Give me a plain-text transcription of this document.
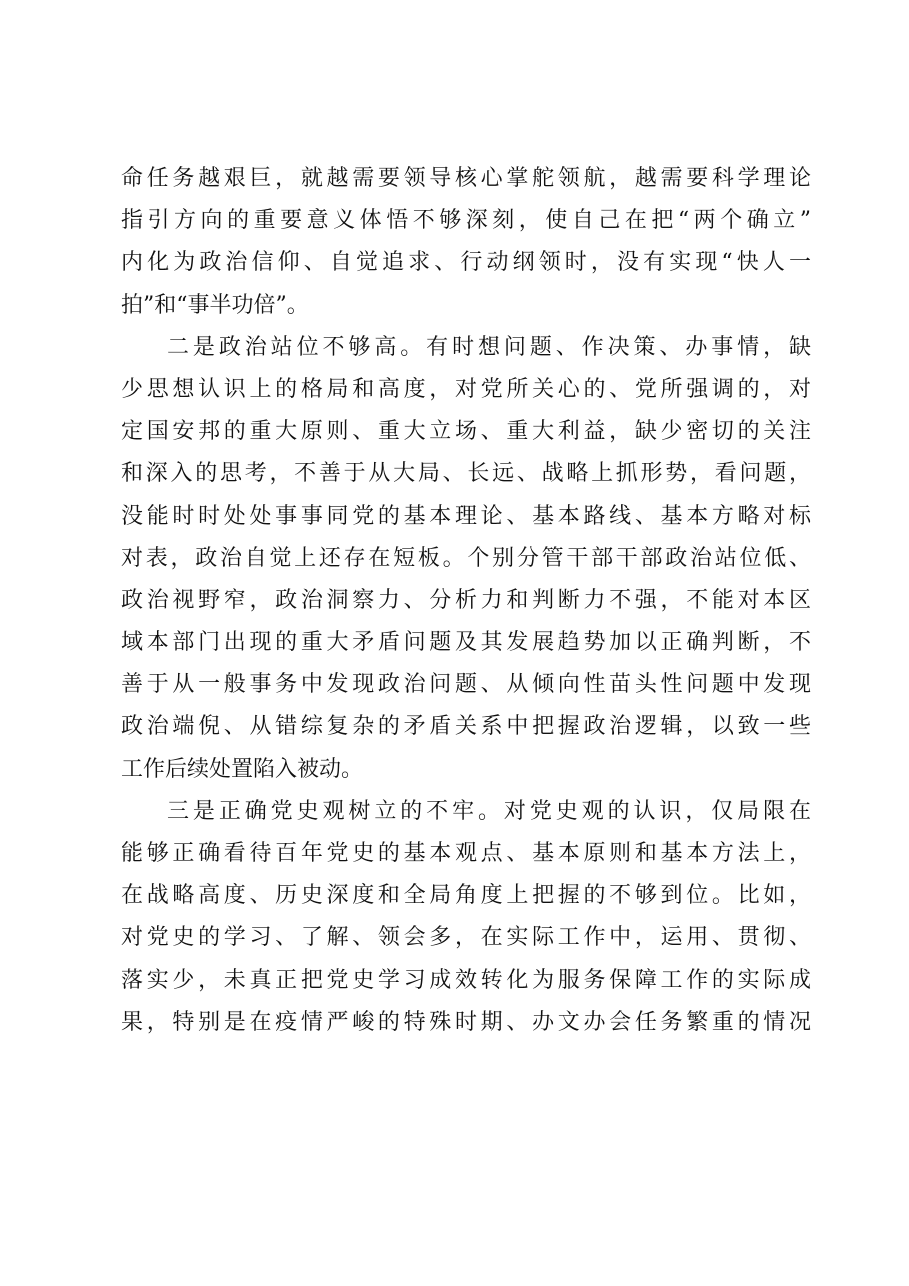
命任务越艰巨，就越需要领导核心掌舵领航，越需要科学理论
指引方向的重要意义体悟不够深刻，使自己在把“两个确立”
内化为政治信仰、自觉追求、行动纲领时，没有实现“快人一
拍”和“事半功倍”。
二是政治站位不够高。有时想问题、作决策、办事情，缺
少思想认识上的格局和高度，对党所关心的、党所强调的，对
定国安邦的重大原则、重大立场、重大利益，缺少密切的关注
和深入的思考，不善于从大局、长远、战略上抓形势，看问题，
没能时时处处事事同党的基本理论、基本路线、基本方略对标
对表，政治自觉上还存在短板。个别分管干部干部政治站位低、
政治视野窄，政治洞察力、分析力和判断力不强，不能对本区
域本部门出现的重大矛盾问题及其发展趋势加以正确判断，不
善于从一般事务中发现政治问题、从倾向性苗头性问题中发现
政治端倪、从错综复杂的矛盾关系中把握政治逻辑，以致一些
工作后续处置陷入被动。
三是正确党史观树立的不牢。对党史观的认识，仅局限在
能够正确看待百年党史的基本观点、基本原则和基本方法上，
在战略高度、历史深度和全局角度上把握的不够到位。比如，
对党史的学习、了解、领会多，在实际工作中，运用、贯彻、
落实少，未真正把党史学习成效转化为服务保障工作的实际成
果，特别是在疫情严峻的特殊时期、办文办会任务繁重的情况
